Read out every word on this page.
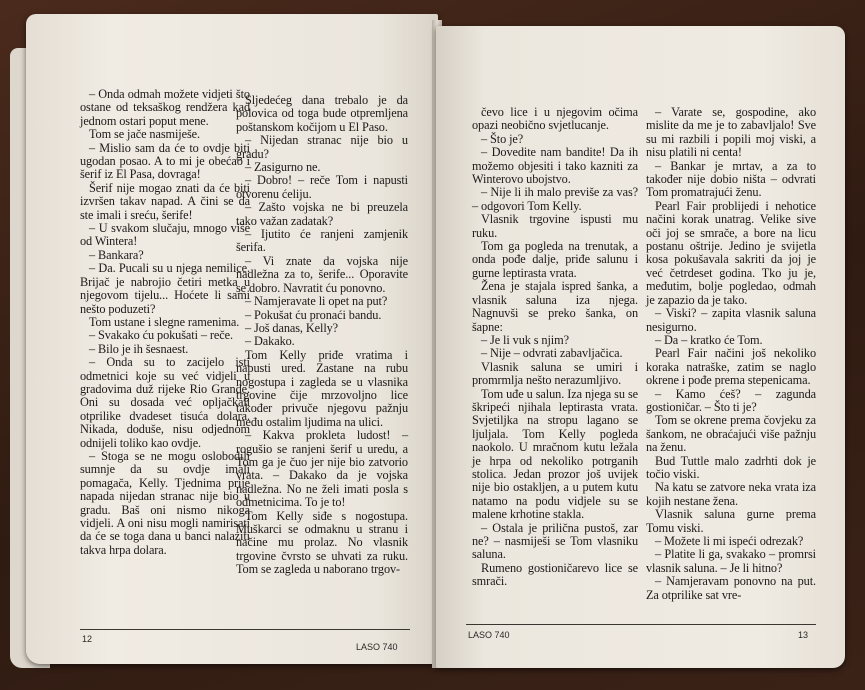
– Onda odmah možete vidjeti što ostane od teksaškog rendžera kad jednom ostari poput mene.

Tom se jače nasmiješe.

– Mislio sam da će to ovdje biti ugodan posao. A to mi je obećao i šerif iz El Pasa, dovraga!

Šerif nije mogao znati da će biti izvršen takav napad. A čini se da ste imali i sreću, šerife!

– U svakom slučaju, mnogo više od Wintera!

– Bankara?

– Da. Pucali su u njega nemilice. Brijač je nabrojio četiri metka u njegovom tijelu... Hoćete li sami nešto poduzeti?

Tom ustane i slegne ramenima.

– Svakako ću pokušati – reče.

– Bilo je ih šesnaest.

– Onda su to zacijelo isti odmetnici koje su već vidjeli u gradovima duž rijeke Rio Grande. Oni su dosada već opljačkali otprilike dvadeset tisuća dolara. Nikada, doduše, nisu odjednom odnijeli toliko kao ovdje.

– Stoga se ne mogu oslobodili sumnje da su ovdje imali pomagača, Kelly. Tjednima prije napada nijedan stranac nije bio u gradu. Baš oni nismo nikoga vidjeli. A oni nisu mogli namirisati da će se toga dana u banci nalaziti takva hrpa dolara.

Sljedećeg dana trebalo je da polovica od toga bude otpremljena poštanskom kočijom u El Paso.

– Nijedan stranac nije bio u gradu?

– Zasigurno ne.

– Dobro! – reče Tom i napusti otvorenu ćeliju.

– Zašto vojska ne bi preuzela tako važan zadatak?

– Ijutito će ranjeni zamjenik šerifa.

– Vi znate da vojska nije nadležna za to, šerife... Oporavite se dobro. Navratit ću ponovno.

– Namjeravate li opet na put?

– Pokušat ću pronaći bandu.

– Još danas, Kelly?

– Dakako.

Tom Kelly priđe vratima i napusti ured. Zastane na rubu nogostupa i zagleda se u vlasnika trgovine čije mrzovoljno lice također privuče njegovu pažnju među ostalim ljudima na ulici.

– Kakva prokleta ludost! – rogušio se ranjeni šerif u uredu, a Tom ga je čuo jer nije bio zatvorio vrata. – Dakako da je vojska nadležna. No ne želi imati posla s odmetnicima. To je to!

Tom Kelly siđe s nogostupa. Muškarci se odmaknu u stranu i načine mu prolaz. No vlasnik trgovine čvrsto se uhvati za ruku. Tom se zagleda u naborano trgov-

12
LASO 740

čevo lice i u njegovim očima opazi neobično svjetlucanje.

– Što je?

– Dovedite nam bandite! Da ih možemo objesiti i tako kazniti za Winterovo ubojstvo.

– Nije li ih malo previše za vas? – odgovori Tom Kelly.

Vlasnik trgovine ispusti mu ruku.

Tom ga pogleda na trenutak, a onda pođe dalje, priđe salunu i gurne leptirasta vrata.

Žena je stajala ispred šanka, a vlasnik saluna iza njega. Nagnuvši se preko šanka, on šapne:

– Je li vuk s njim?

– Nije – odvrati zabavljačica.

Vlasnik saluna se umiri i promrmlja nešto nerazumljivo.

Tom uđe u salun. Iza njega su se škripeći njihala leptirasta vrata. Svjetiljka na stropu lagano se ljuljala. Tom Kelly pogleda naokolo. U mračnom kutu ležala je hrpa od nekoliko potrganih stolica. Jedan prozor još uvijek nije bio ostakljen, a u putem kutu natamo na podu vidjele su se malene krhotine stakla.

– Ostala je prilična pustoš, zar ne? – nasmiješi se Tom vlasniku saluna.

Rumeno gostioničarevo lice se smrači.

– Varate se, gospodine, ako mislite da me je to zabavljalo! Sve su mi razbili i popili moj viski, a nisu platili ni centa!

– Bankar je mrtav, a za to također nije dobio ništa – odvrati Tom promatrajući ženu.

Pearl Fair problijedi i nehotice načini korak unatrag. Velike sive oči joj se smrače, a bore na licu postanu oštrije. Jedino je svijetla kosa pokušavala sakriti da joj je već četrdeset godina. Tko ju je, međutim, bolje pogledao, odmah je zapazio da je tako.

– Viski? – zapita vlasnik saluna nesigurno.

– Da – kratko će Tom.

Pearl Fair načini još nekoliko koraka natraške, zatim se naglo okrene i pođe prema stepenicama.

– Kamo ćeš? – zagunda gostioničar. – Što ti je?

Tom se okrene prema čovjeku za šankom, ne obraćajući više pažnju na ženu.

Bud Tuttle malo zadrhti dok je točio viski.

Na katu se zatvore neka vrata iza kojih nestane žena.

Vlasnik saluna gurne prema Tomu viski.

– Možete li mi ispeći odrezak?

– Platite li ga, svakako – promrsi vlasnik saluna. – Je li hitno?

– Namjeravam ponovno na put. Za otprilike sat vre-

LASO 740	13
